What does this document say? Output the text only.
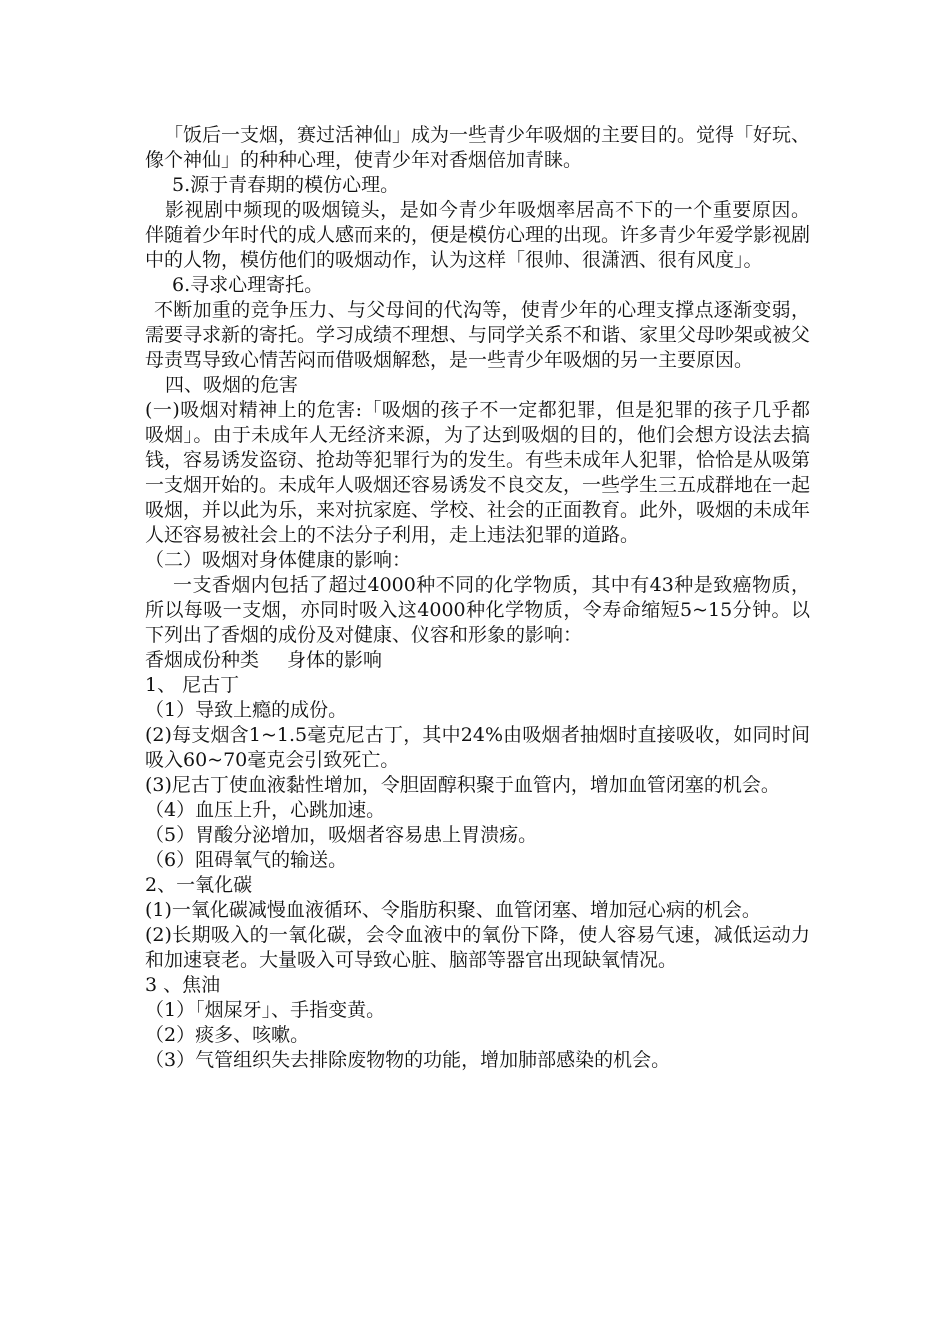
「饭后一支烟，赛过活神仙」成为一些青少年吸烟的主要目的。觉得「好玩、像个神仙」的种种心理，使青少年对香烟倍加青睐。

5.源于青春期的模仿心理。

影视剧中频现的吸烟镜头，是如今青少年吸烟率居高不下的一个重要原因。伴随着少年时代的成人感而来的，便是模仿心理的出现。许多青少年爱学影视剧中的人物，模仿他们的吸烟动作，认为这样「很帅、很潇洒、很有风度」。

6.寻求心理寄托。

不断加重的竞争压力、与父母间的代沟等，使青少年的心理支撑点逐渐变弱，需要寻求新的寄托。学习成绩不理想、与同学关系不和谐、家里父母吵架或被父母责骂导致心情苦闷而借吸烟解愁，是一些青少年吸烟的另一主要原因。

四、吸烟的危害

(一)吸烟对精神上的危害:「吸烟的孩子不一定都犯罪，但是犯罪的孩子几乎都吸烟」。由于未成年人无经济来源，为了达到吸烟的目的，他们会想方设法去搞钱，容易诱发盗窃、抢劫等犯罪行为的发生。有些未成年人犯罪，恰恰是从吸第一支烟开始的。未成年人吸烟还容易诱发不良交友，一些学生三五成群地在一起吸烟，并以此为乐，来对抗家庭、学校、社会的正面教育。此外，吸烟的未成年人还容易被社会上的不法分子利用，走上违法犯罪的道路。

（二）吸烟对身体健康的影响：

一支香烟内包括了超过4000种不同的化学物质，其中有43种是致癌物质，所以每吸一支烟，亦同时吸入这4000种化学物质，令寿命缩短5~15分钟。以下列出了香烟的成份及对健康、仪容和形象的影响：

香烟成份种类 身体的影响

1、 尼古丁

（1）导致上瘾的成份。

(2)每支烟含1~1.5毫克尼古丁，其中24%由吸烟者抽烟时直接吸收，如同时间吸入60~70毫克会引致死亡。

(3)尼古丁使血液黏性增加，令胆固醇积聚于血管内，增加血管闭塞的机会。

（4）血压上升，心跳加速。

（5）胃酸分泌增加，吸烟者容易患上胃溃疡。

（6）阻碍氧气的输送。

2、一氧化碳

(1)一氧化碳减慢血液循环、令脂肪积聚、血管闭塞、增加冠心病的机会。

(2)长期吸入的一氧化碳，会令血液中的氧份下降，使人容易气速，减低运动力和加速衰老。大量吸入可导致心脏、脑部等器官出现缺氧情况。

3 、焦油

（1）「烟屎牙」、手指变黄。

（2）痰多、咳嗽。

（3）气管组织失去排除废物物的功能，增加肺部感染的机会。
